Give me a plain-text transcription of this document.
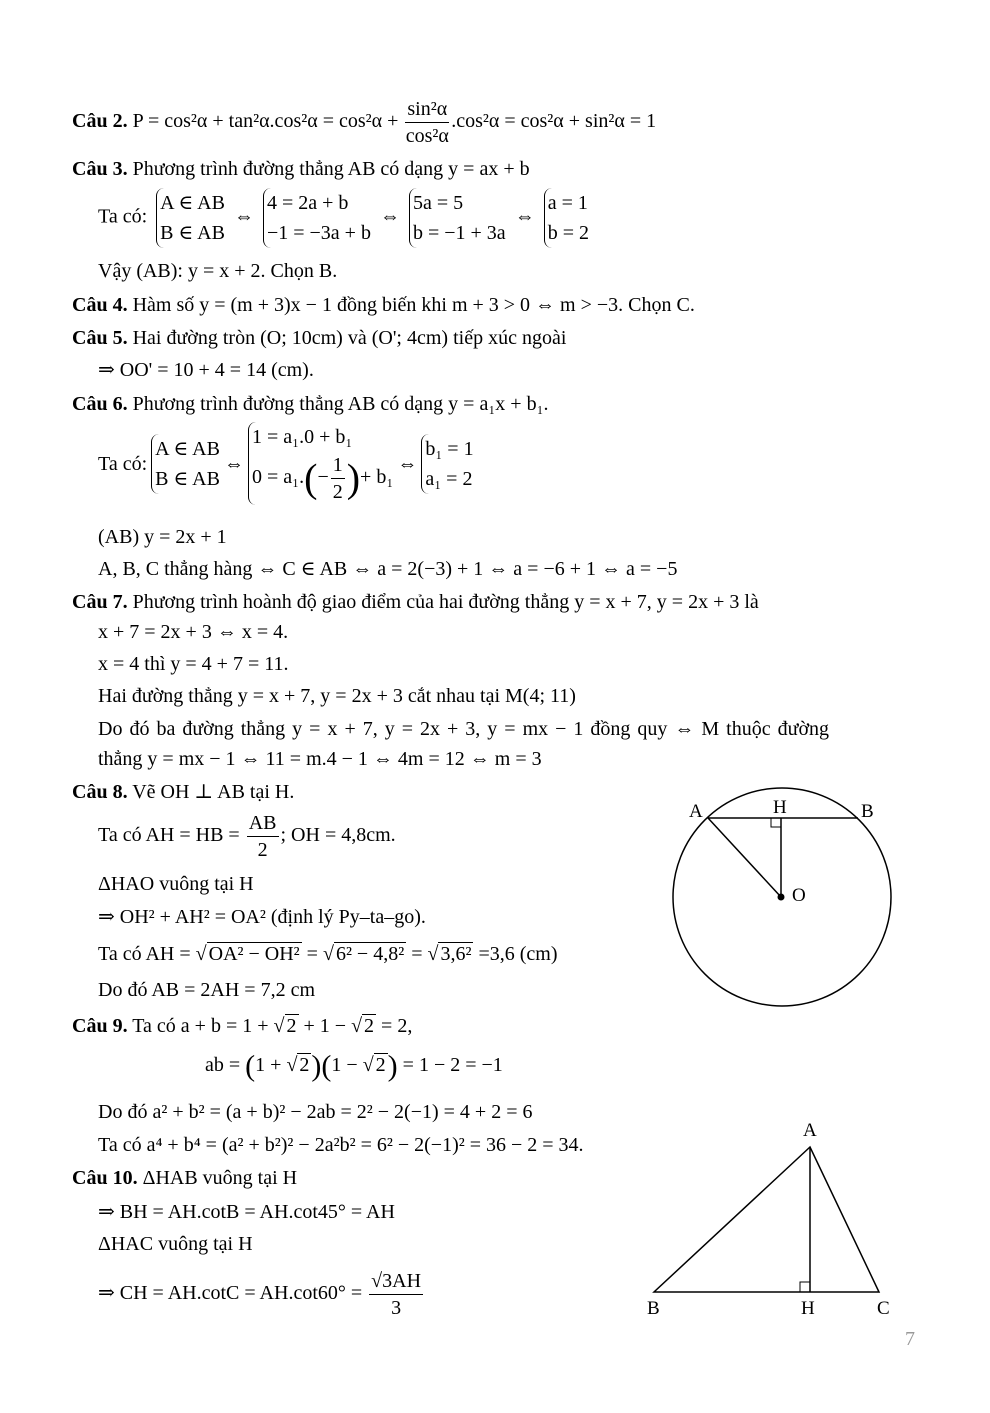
Câu 2. $P = \cos^2\alpha + \tan^2\alpha.\cos^2\alpha = \cos^2\alpha + \frac{\text{sin²α}}{\text{cos²α}} .\cos^2\alpha = \cos^2\alpha + \sin^2\alpha = 1$
Câu 3. Phương trình đường thẳng AB có dạng y = ax + b
Ta có:
A ∈ AB
B ∈ AB
⇔
4 = 2a + b
−1 = −3a + b
⇔
5a = 5
b = −1 + 3a
⇔
a = 1
b = 2
Vậy (AB): y = x + 2. Chọn B.
Câu 4. Hàm số y = (m + 3)x − 1 đồng biến khi m + 3 > 0 ⇔ m > −3. Chọn C.
Câu 5. Hai đường tròn (O; 10cm) và (O'; 4cm) tiếp xúc ngoài
⇒ OO' = 10 + 4 = 14 (cm).
Câu 6. Phương trình đường thẳng AB có dạng y = a₁x + b₁.
Ta có:
A ∈ AB
B ∈ AB
⇔
1 = a₁.0 + b₁
$0 = a_1.(- \frac{1}{2}$ )+ b₁
⇔
b₁ = 1
a₁ = 2
(AB) y = 2x + 1
A, B, C thẳng hàng ⇔ C ∈ AB ⇔ a = 2(−3) + 1 ⇔ a = −6 + 1 ⇔ a = −5
Câu 7. Phương trình hoành độ giao điểm của hai đường thẳng y = x + 7, y = 2x + 3 là
x + 7 = 2x + 3 ⇔ x = 4.
x = 4 thì y = 4 + 7 = 11.
Hai đường thẳng y = x + 7, y = 2x + 3 cắt nhau tại M(4; 11)
Do đó ba đường thẳng y = x + 7, y = 2x + 3, y = mx − 1 đồng quy ⇔ M thuộc đường
thẳng y = mx − 1 ⇔ 11 = m.4 − 1 ⇔ 4m = 12 ⇔ m = 3
Câu 8. Vẽ OH ⊥ AB tại H.
Ta có AH = HB = $\frac{AB}{2}$ ; OH = 4,8cm.
ΔHAO vuông tại H
⇒ OH² + AH² = OA² (định lý Py–ta–go).
Ta có AH = √ OA² − OH² = √ 6² − 4,8² = √ 3,6² =3,6 (cm)
Do đó AB = 2AH = 7,2 cm
A	H	B
O
Câu 9. Ta có a + b = 1 + √ 2 + 1 − √ 2 = 2,
ab = (1 + √ 2)(1 − √ 2) = 1 − 2 = −1
Do đó a² + b² = (a + b)² − 2ab = 2² − 2(−1) = 4 + 2 = 6
Ta có a⁴ + b⁴ = (a² + b²)² − 2a²b² = 6² − 2(−1)² = 36 − 2 = 34.
Câu 10. ΔHAB vuông tại H
⇒ BH = AH.cotB = AH.cot45° = AH
ΔHAC vuông tại H
⇒ CH = $AH.\cot C = AH.\cot 60^\circ = \frac{√3AH}{3}$
A
B	H	C
7
